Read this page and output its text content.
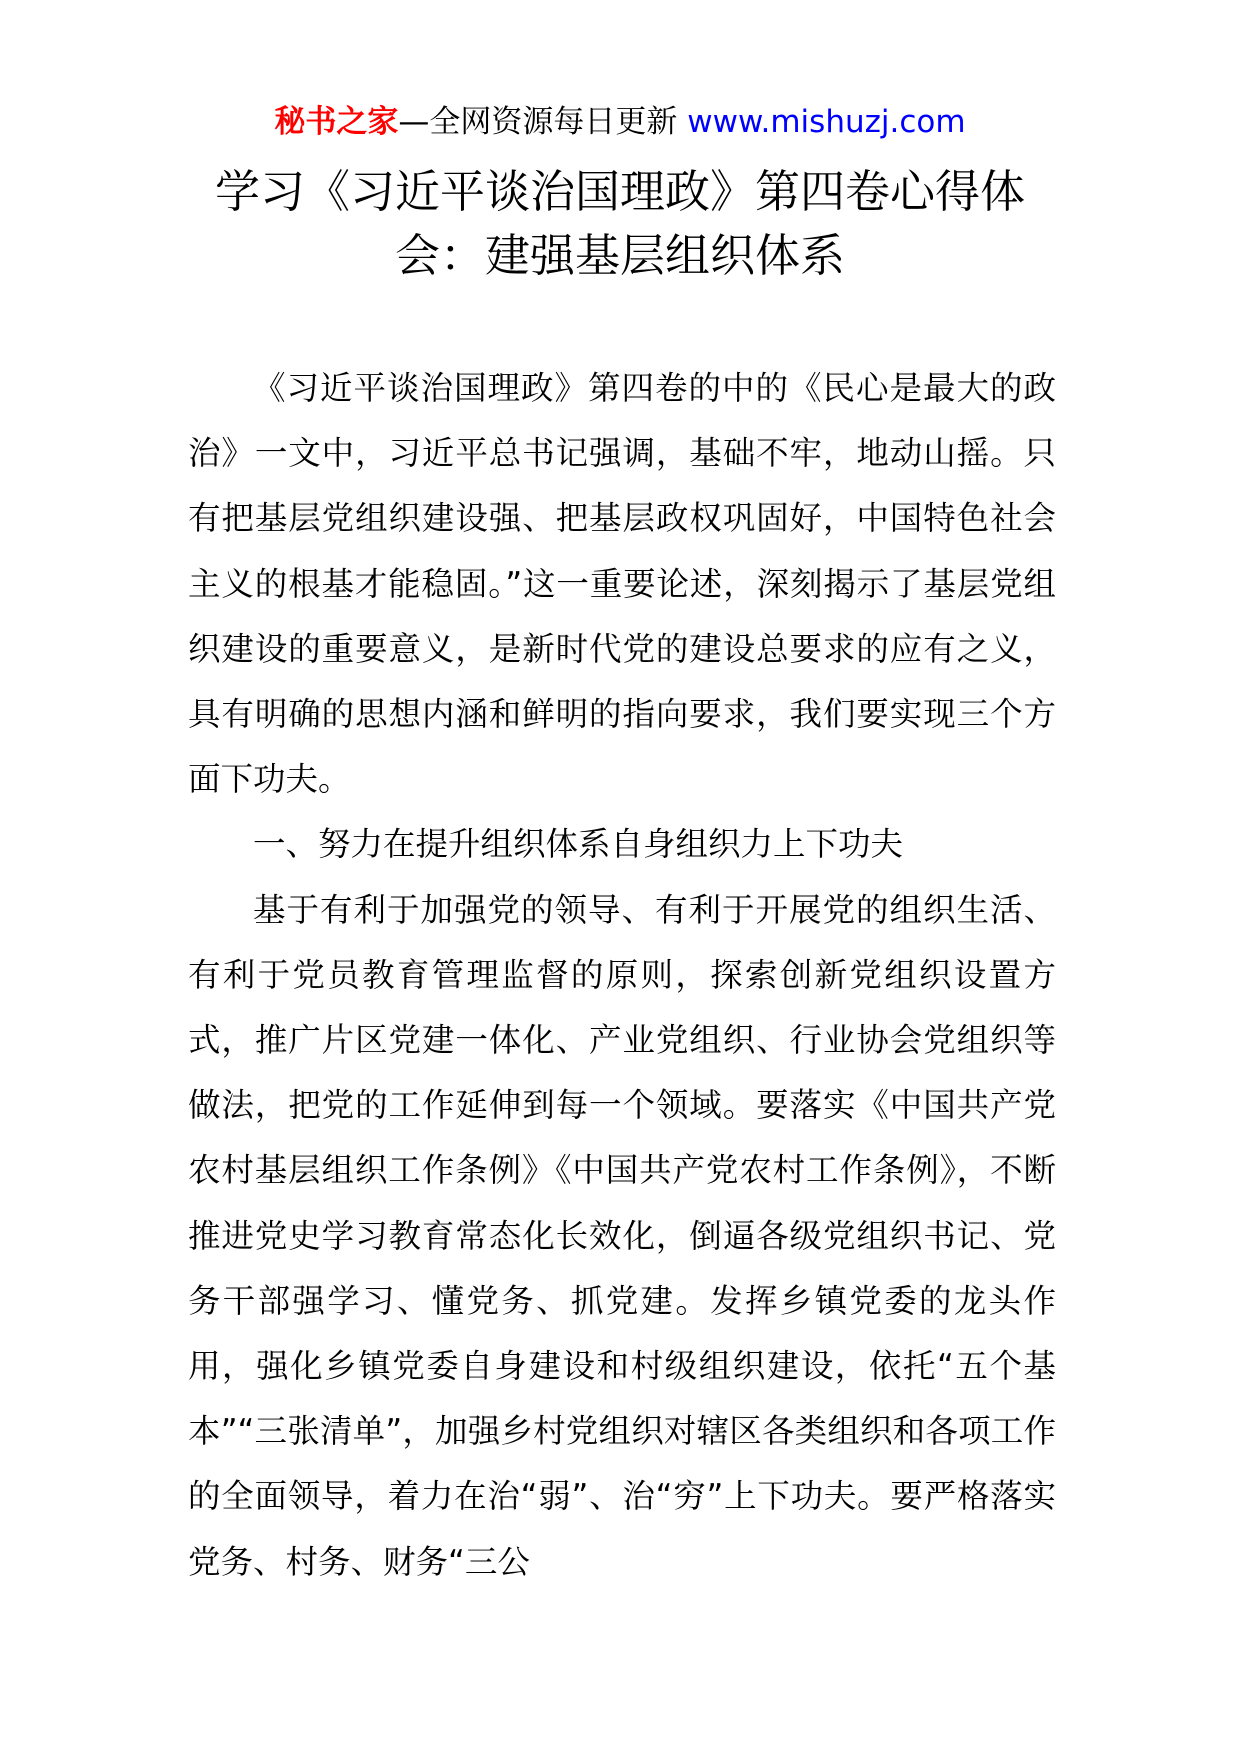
秘书之家—全网资源每日更新 www.mishuzj.com
学习《习近平谈治国理政》第四卷心得体
会：建强基层组织体系

《习近平谈治国理政》第四卷的中的《民心是最大的政治》一文中，习近平总书记强调，基础不牢，地动山摇。只有把基层党组织建设强、把基层政权巩固好，中国特色社会主义的根基才能稳固。”这一重要论述，深刻揭示了基层党组织建设的重要意义，是新时代党的建设总要求的应有之义，具有明确的思想内涵和鲜明的指向要求，我们要实现三个方面下功夫。

一、努力在提升组织体系自身组织力上下功夫

基于有利于加强党的领导、有利于开展党的组织生活、有利于党员教育管理监督的原则，探索创新党组织设置方式，推广片区党建一体化、产业党组织、行业协会党组织等做法，把党的工作延伸到每一个领域。要落实《中国共产党农村基层组织工作条例》《中国共产党农村工作条例》，不断推进党史学习教育常态化长效化，倒逼各级党组织书记、党务干部强学习、懂党务、抓党建。发挥乡镇党委的龙头作用，强化乡镇党委自身建设和村级组织建设，依托“五个基本”“三张清单”，加强乡村党组织对辖区各类组织和各项工作的全面领导，着力在治“弱”、治“穷”上下功夫。要严格落实党务、村务、财务“三公
